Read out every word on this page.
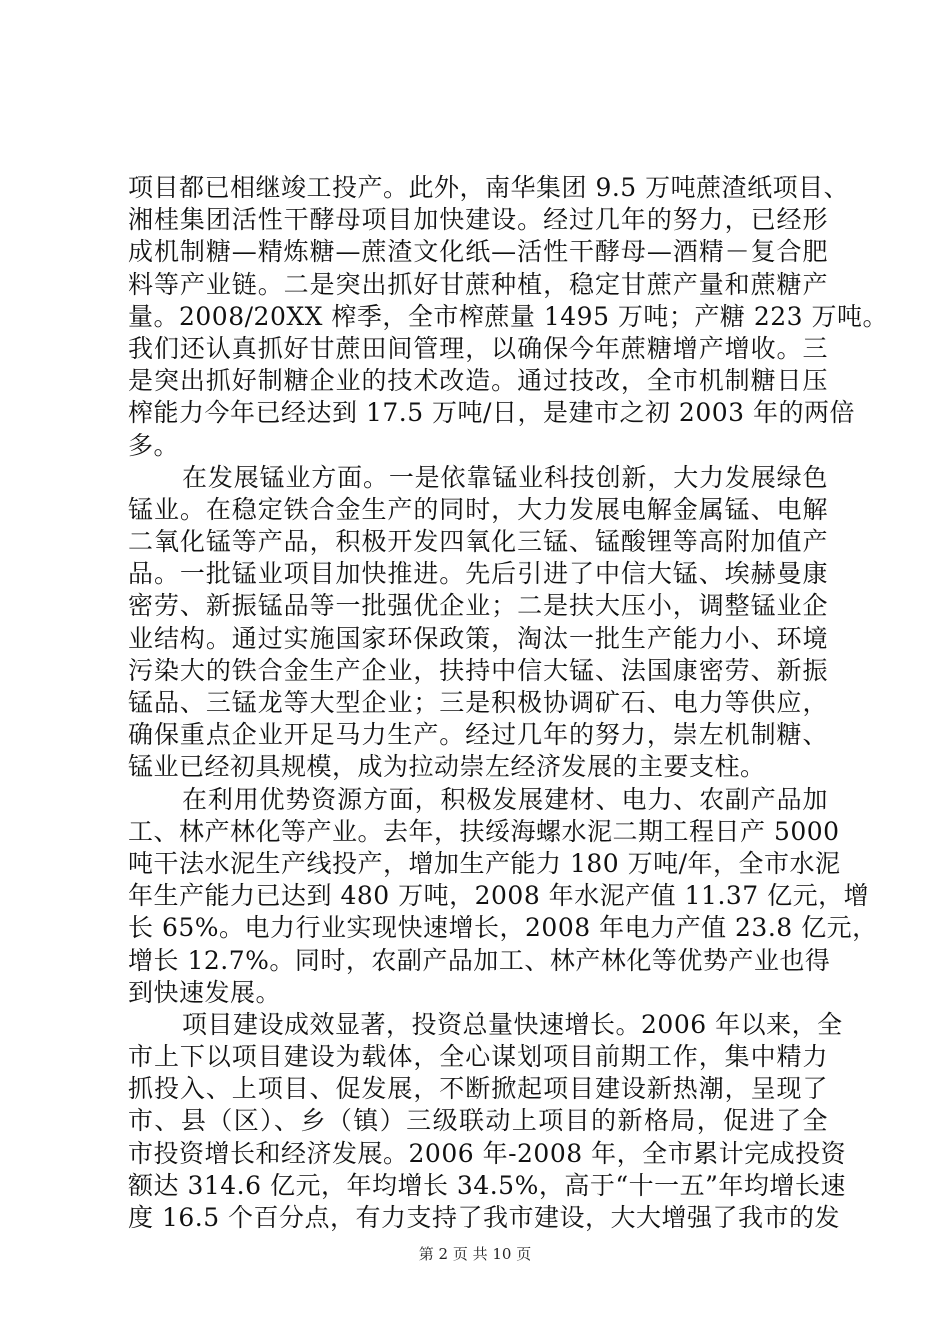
项目都已相继竣工投产。此外，南华集团 9.5 万吨蔗渣纸项目、
湘桂集团活性干酵母项目加快建设。经过几年的努力，已经形
成机制糖—精炼糖—蔗渣文化纸—活性干酵母—酒精－复合肥
料等产业链。二是突出抓好甘蔗种植，稳定甘蔗产量和蔗糖产
量。2008/20XX 榨季，全市榨蔗量 1495 万吨；产糖 223 万吨。
我们还认真抓好甘蔗田间管理，以确保今年蔗糖增产增收。三
是突出抓好制糖企业的技术改造。通过技改，全市机制糖日压
榨能力今年已经达到 17.5 万吨/日，是建市之初 2003 年的两倍
多。
在发展锰业方面。一是依靠锰业科技创新，大力发展绿色
锰业。在稳定铁合金生产的同时，大力发展电解金属锰、电解
二氧化锰等产品，积极开发四氧化三锰、锰酸锂等高附加值产
品。一批锰业项目加快推进。先后引进了中信大锰、埃赫曼康
密劳、新振锰品等一批强优企业；二是扶大压小，调整锰业企
业结构。通过实施国家环保政策，淘汰一批生产能力小、环境
污染大的铁合金生产企业，扶持中信大锰、法国康密劳、新振
锰品、三锰龙等大型企业；三是积极协调矿石、电力等供应，
确保重点企业开足马力生产。经过几年的努力，崇左机制糖、
锰业已经初具规模，成为拉动崇左经济发展的主要支柱。
在利用优势资源方面，积极发展建材、电力、农副产品加
工、林产林化等产业。去年，扶绥海螺水泥二期工程日产 5000
吨干法水泥生产线投产，增加生产能力 180 万吨/年，全市水泥
年生产能力已达到 480 万吨，2008 年水泥产值 11.37 亿元，增
长 65%。电力行业实现快速增长，2008 年电力产值 23.8 亿元，
增长 12.7%。同时，农副产品加工、林产林化等优势产业也得
到快速发展。
项目建设成效显著，投资总量快速增长。2006 年以来，全
市上下以项目建设为载体，全心谋划项目前期工作，集中精力
抓投入、上项目、促发展，不断掀起项目建设新热潮，呈现了
市、县（区）、乡（镇）三级联动上项目的新格局，促进了全
市投资增长和经济发展。2006 年-2008 年，全市累计完成投资
额达 314.6 亿元，年均增长 34.5%，高于“十一五”年均增长速
度 16.5 个百分点，有力支持了我市建设，大大增强了我市的发
第 2 页 共 10 页
